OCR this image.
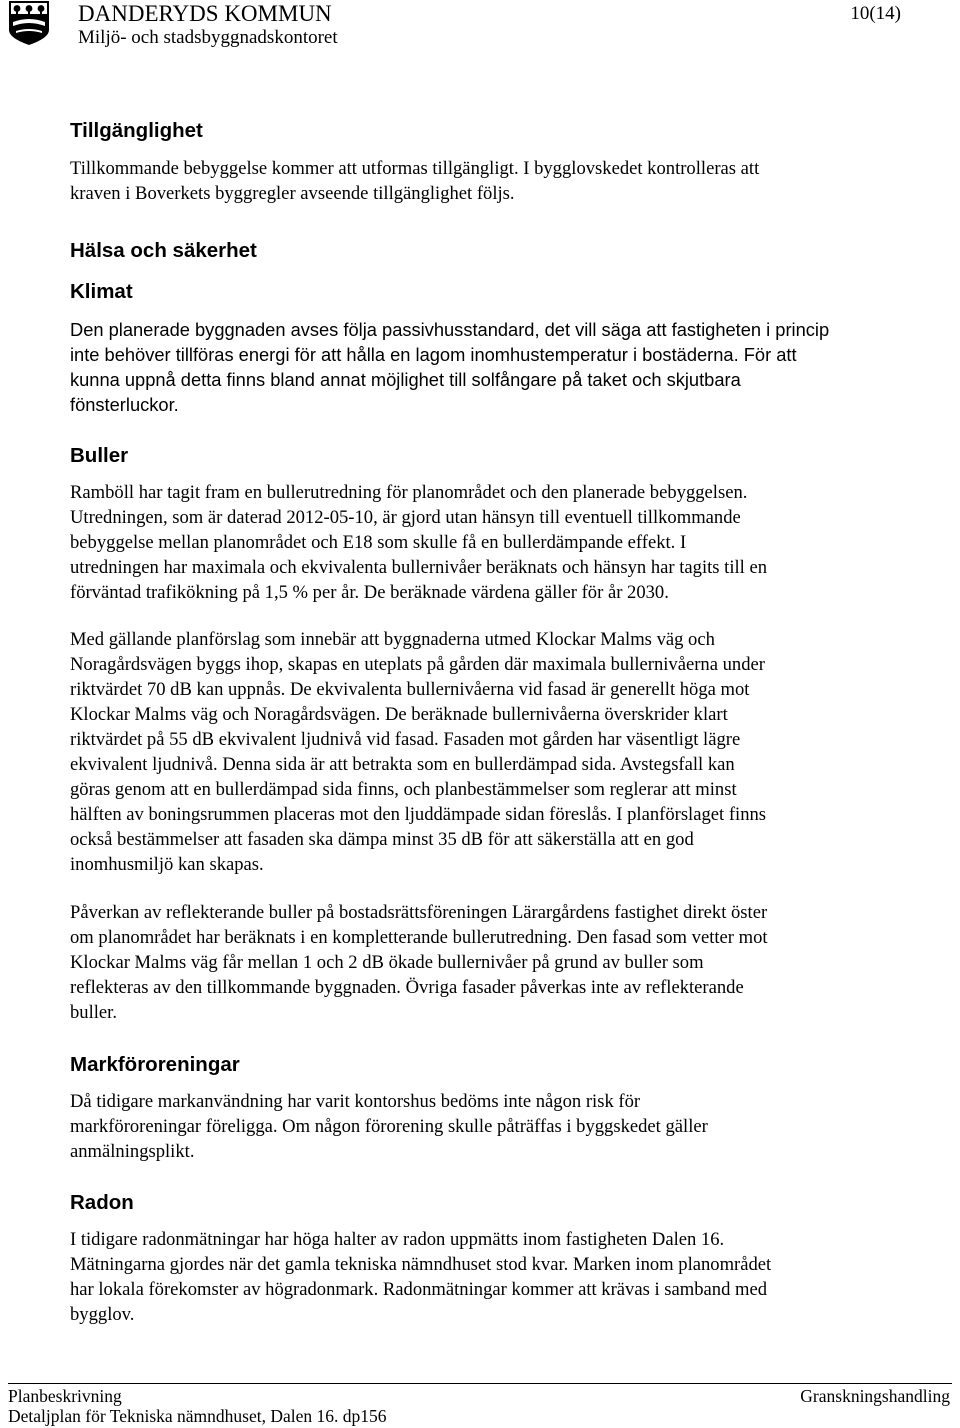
DANDERYDS KOMMUN
Miljö- och stadsbyggnadskontoret
10(14)
Tillgänglighet
Tillkommande bebyggelse kommer att utformas tillgängligt. I bygglovskedet kontrolleras att
kraven i Boverkets byggregler avseende tillgänglighet följs.
Hälsa och säkerhet
Klimat
Den planerade byggnaden avses följa passivhusstandard, det vill säga att fastigheten i princip
inte behöver tillföras energi för att hålla en lagom inomhustemperatur i bostäderna. För att
kunna uppnå detta finns bland annat möjlighet till solfångare på taket och skjutbara
fönsterluckor.
Buller
Ramböll har tagit fram en bullerutredning för planområdet och den planerade bebyggelsen.
Utredningen, som är daterad 2012-05-10, är gjord utan hänsyn till eventuell tillkommande
bebyggelse mellan planområdet och E18 som skulle få en bullerdämpande effekt. I
utredningen har maximala och ekvivalenta bullernivåer beräknats och hänsyn har tagits till en
förväntad trafikökning på 1,5 % per år. De beräknade värdena gäller för år 2030.
Med gällande planförslag som innebär att byggnaderna utmed Klockar Malms väg och
Noragårdsvägen byggs ihop, skapas en uteplats på gården där maximala bullernivåerna under
riktvärdet 70 dB kan uppnås. De ekvivalenta bullernivåerna vid fasad är generellt höga mot
Klockar Malms väg och Noragårdsvägen. De beräknade bullernivåerna överskrider klart
riktvärdet på 55 dB ekvivalent ljudnivå vid fasad. Fasaden mot gården har väsentligt lägre
ekvivalent ljudnivå. Denna sida är att betrakta som en bullerdämpad sida. Avstegsfall kan
göras genom att en bullerdämpad sida finns, och planbestämmelser som reglerar att minst
hälften av boningsrummen placeras mot den ljuddämpade sidan föreslås. I planförslaget finns
också bestämmelser att fasaden ska dämpa minst 35 dB för att säkerställa att en god
inomhusmiljö kan skapas.
Påverkan av reflekterande buller på bostadsrättsföreningen Lärargårdens fastighet direkt öster
om planområdet har beräknats i en kompletterande bullerutredning. Den fasad som vetter mot
Klockar Malms väg får mellan 1 och 2 dB ökade bullernivåer på grund av buller som
reflekteras av den tillkommande byggnaden. Övriga fasader påverkas inte av reflekterande
buller.
Markföroreningar
Då tidigare markanvändning har varit kontorshus bedöms inte någon risk för
markföroreningar föreligga. Om någon förorening skulle påträffas i byggskedet gäller
anmälningsplikt.
Radon
I tidigare radonmätningar har höga halter av radon uppmätts inom fastigheten Dalen 16.
Mätningarna gjordes när det gamla tekniska nämndhuset stod kvar. Marken inom planområdet
har lokala förekomster av högradonmark. Radonmätningar kommer att krävas i samband med
bygglov.
Planbeskrivning
Detaljplan för Tekniska nämndhuset, Dalen 16. dp156
Granskningshandling
